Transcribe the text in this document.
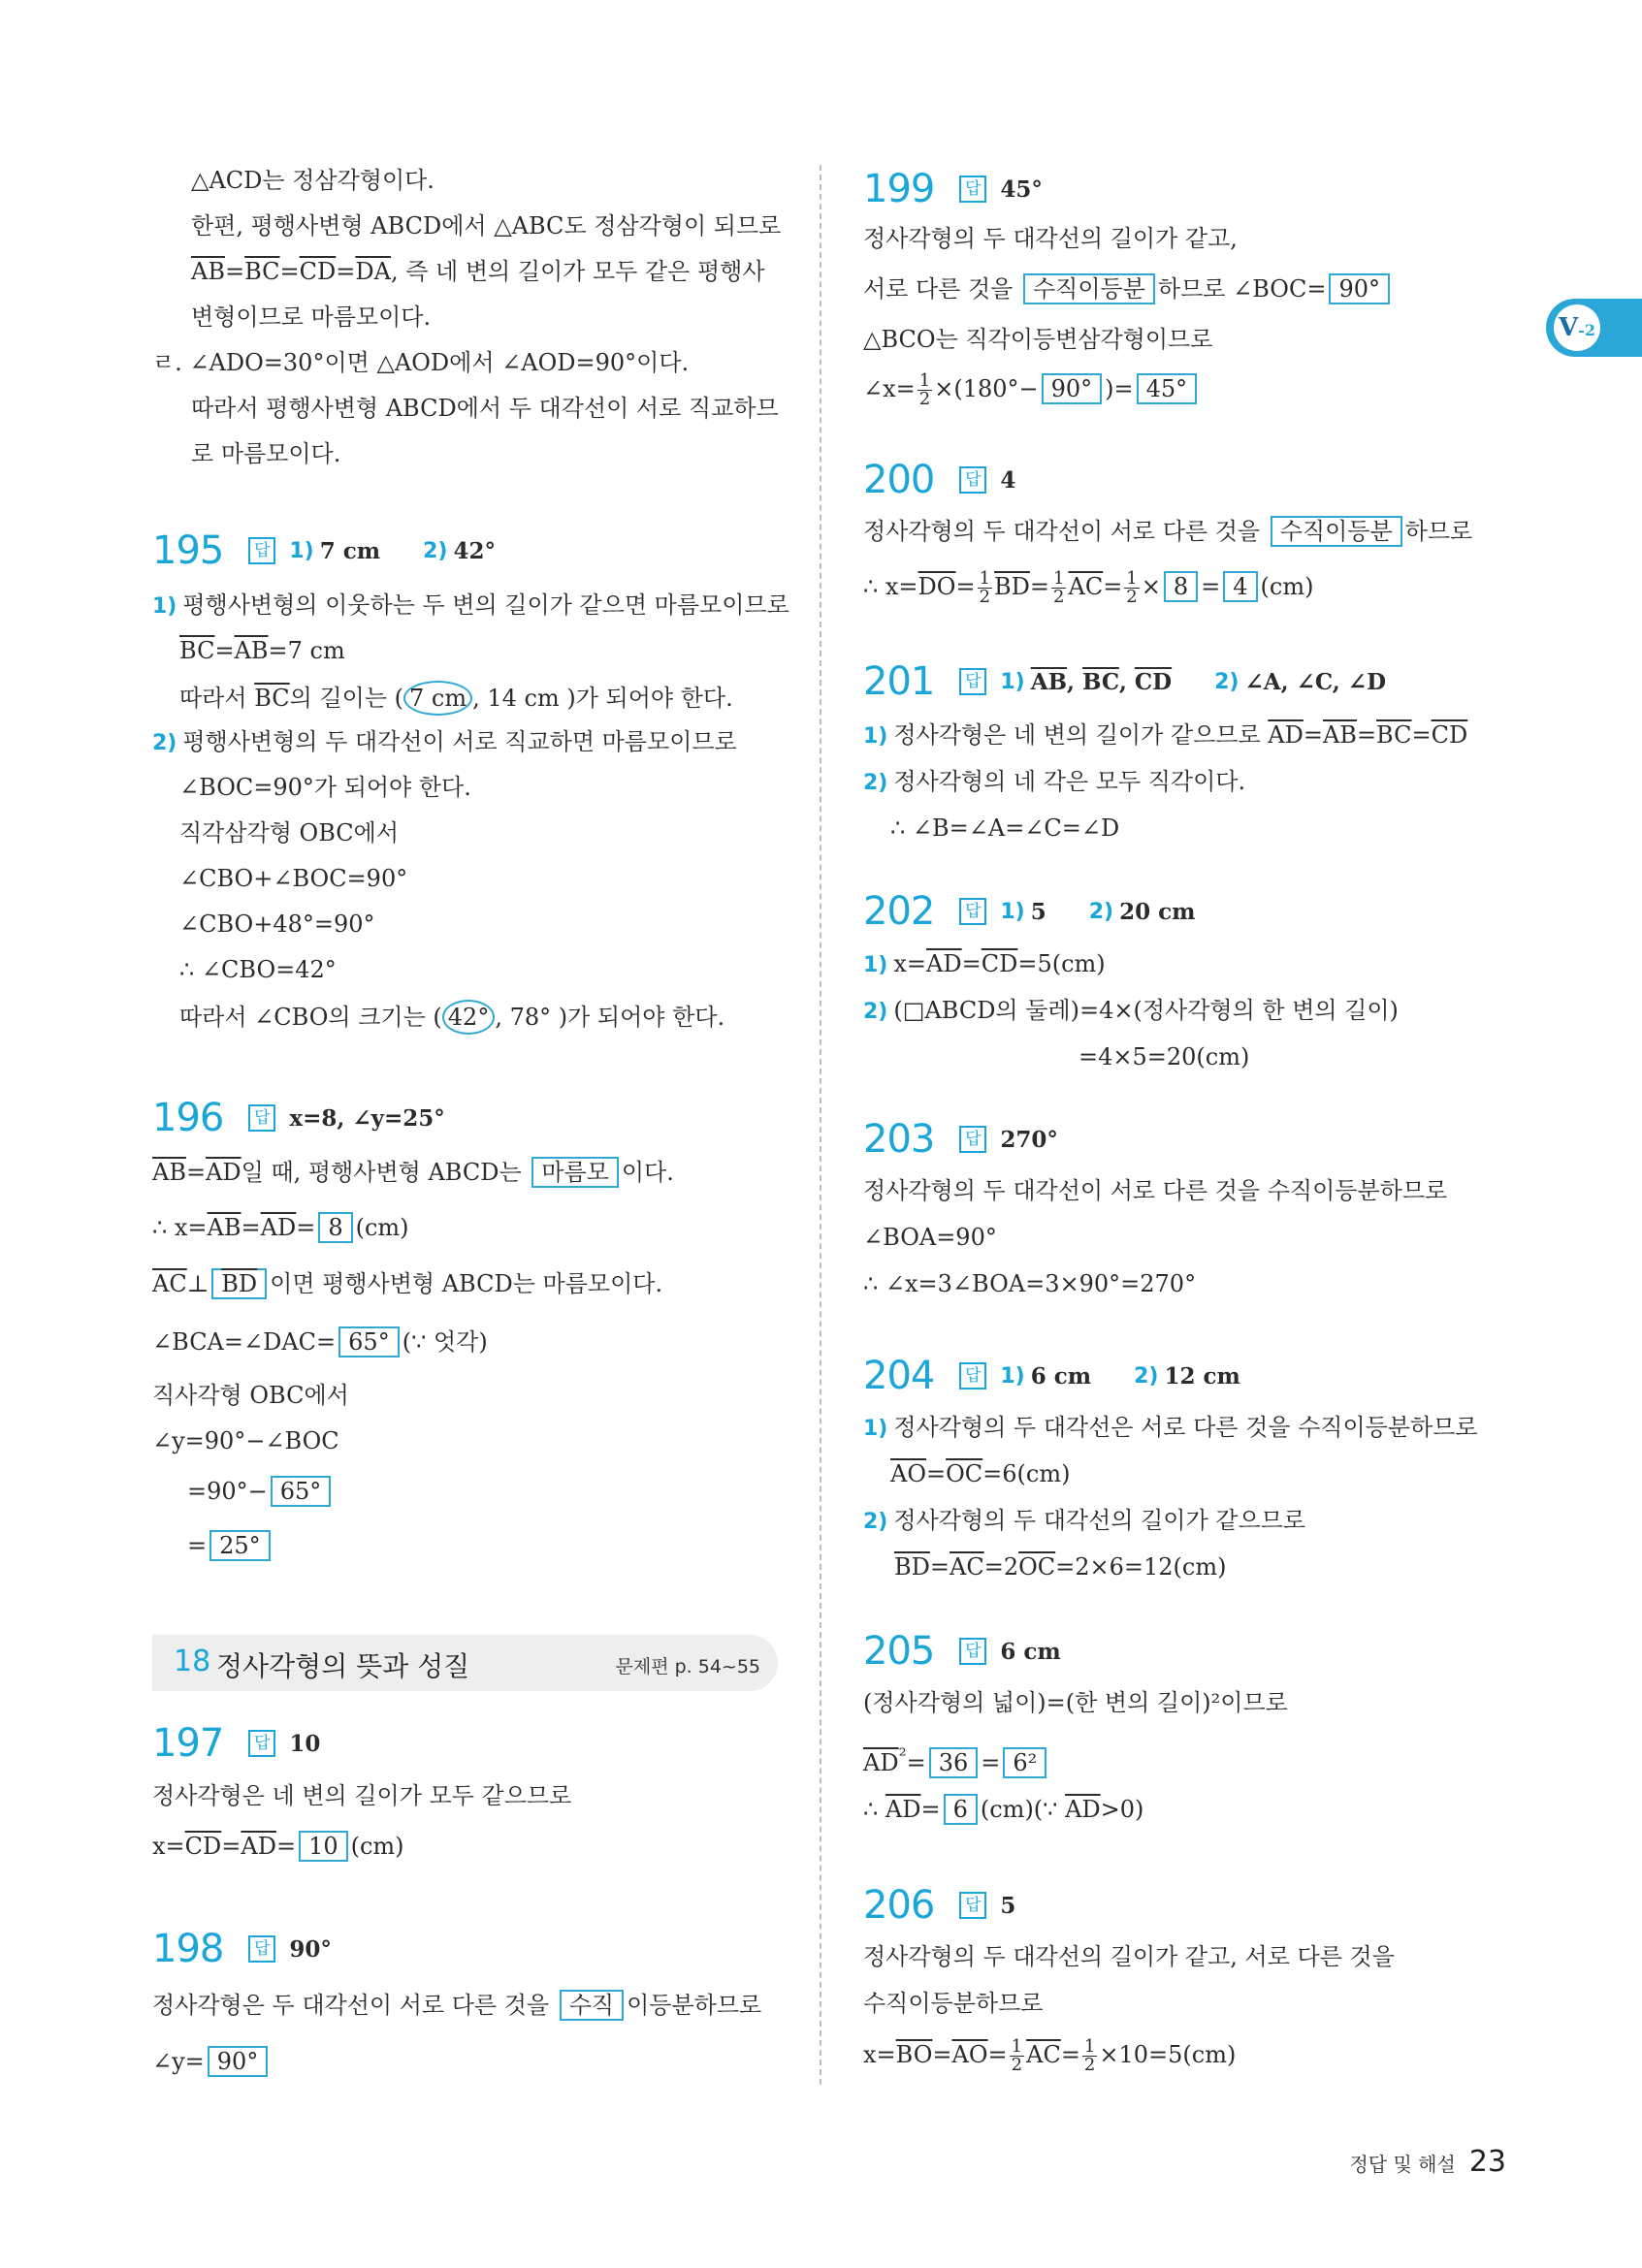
V-2
△ACD는 정삼각형이다.
한편, 평행사변형 ABCD에서 △ABC도 정삼각형이 되므로
$\overline{AB}=\overline{BC}=\overline{CD}=\overline{DA}$, 즉 네 변의 길이가 모두 같은 평행사
변형이므로 마름모이다.
ㄹ. ∠ADO=30°이면 △AOD에서 ∠AOD=90°이다.
따라서 평행사변형 ABCD에서 두 대각선이 서로 직교하므
로 마름모이다.
195	답 1) 7 cm 2) 42°
1) 평행사변형의 이웃하는 두 변의 길이가 같으면 마름모이므로
$\overline{BC}=\overline{AB}=7$ cm
따라서 $\overline{BC}$의 길이는 ( 7 cm , 14 cm )가 되어야 한다.
2) 평행사변형의 두 대각선이 서로 직교하면 마름모이므로
∠BOC=90°가 되어야 한다.
직각삼각형 OBC에서
∠CBO+∠BOC=90°
∠CBO+48°=90°
∴ ∠CBO=42°
따라서 ∠CBO의 크기는 ( 42° , 78° )가 되어야 한다.
196	답 x=8, ∠y=25°
$\overline{AB}=\overline{AD}$일 때, 평행사변형 ABCD는 마름모 이다.
∴ $x=\overline{AB}=\overline{AD}= 8$ (cm)
$\overline{AC}\perp$ $\overline{BD}$ 이면 평행사변형 ABCD는 마름모이다.
∠BCA=∠DAC= 65° (∵ 엇각)
직사각형 OBC에서
∠y=90°−∠BOC
=90°− 65°
= 25°
197	답 10
정사각형은 네 변의 길이가 모두 같으므로
$x=\overline{CD}=\overline{AD}= 10$ (cm)
198	답 90°
정사각형은 두 대각선이 서로 다른 것을 수직 이등분하므로
∠y= 90°
18 정사각형의 뜻과 성질	문제편 p. 54~55
199	답 45°
정사각형의 두 대각선의 길이가 같고,
서로 다른 것을 수직이등분 하므로 ∠BOC= 90°
△BCO는 직각이등변삼각형이므로
∠x= $\frac{1}{2} \times(180^\circ- 90^\circ$ )= 45°
200	답 4
정사각형의 두 대각선이 서로 다른 것을 수직이등분 하므로
∴ $x=\overline{DO}= \frac{1}{2} \overline{BD}= \frac{1}{2} \overline{AC}= \frac{1}{2} \times 8 = 4$ (cm)
201	답 1) $\overline{AB}$, $\overline{BC}$, $\overline{CD}$ 2) ∠A, ∠C, ∠D
1) 정사각형은 네 변의 길이가 같으므로 $\overline{AD}=\overline{AB}=\overline{BC}=\overline{CD}$
2) 정사각형의 네 각은 모두 직각이다.
∴ ∠B=∠A=∠C=∠D
202	답 1) 5 2) 20 cm
1) $x=\overline{AD}=\overline{CD}=5(cm)$
2) (□ABCD의 둘레)=4×(정사각형의 한 변의 길이)
=4×5=20(cm)
203	답 270°
정사각형의 두 대각선이 서로 다른 것을 수직이등분하므로
∠BOA=90°
∴ ∠x=3∠BOA=3×90°=270°
204	답 1) 6 cm 2) 12 cm
1) 정사각형의 두 대각선은 서로 다른 것을 수직이등분하므로
$\overline{AO}=\overline{OC}=6(cm)$
2) 정사각형의 두 대각선의 길이가 같으므로
$\overline{BD}=\overline{AC}=2\overline{OC}=2\times 6=12(cm)$
205	답 6 cm
(정사각형의 넓이)=(한 변의 길이)²이므로
$\overline{AD}^{^2}= 36 = 6^2$
∴ $\overline{AD}= 6$ (cm)(∵ $\overline{AD}>0$)
206	답 5
정사각형의 두 대각선의 길이가 같고, 서로 다른 것을
수직이등분하므로
$x=\overline{BO}=\overline{AO}= \frac{1}{2} \overline{AC}= \frac{1}{2} \times 10=5(cm)$
정답 및 해설 23
